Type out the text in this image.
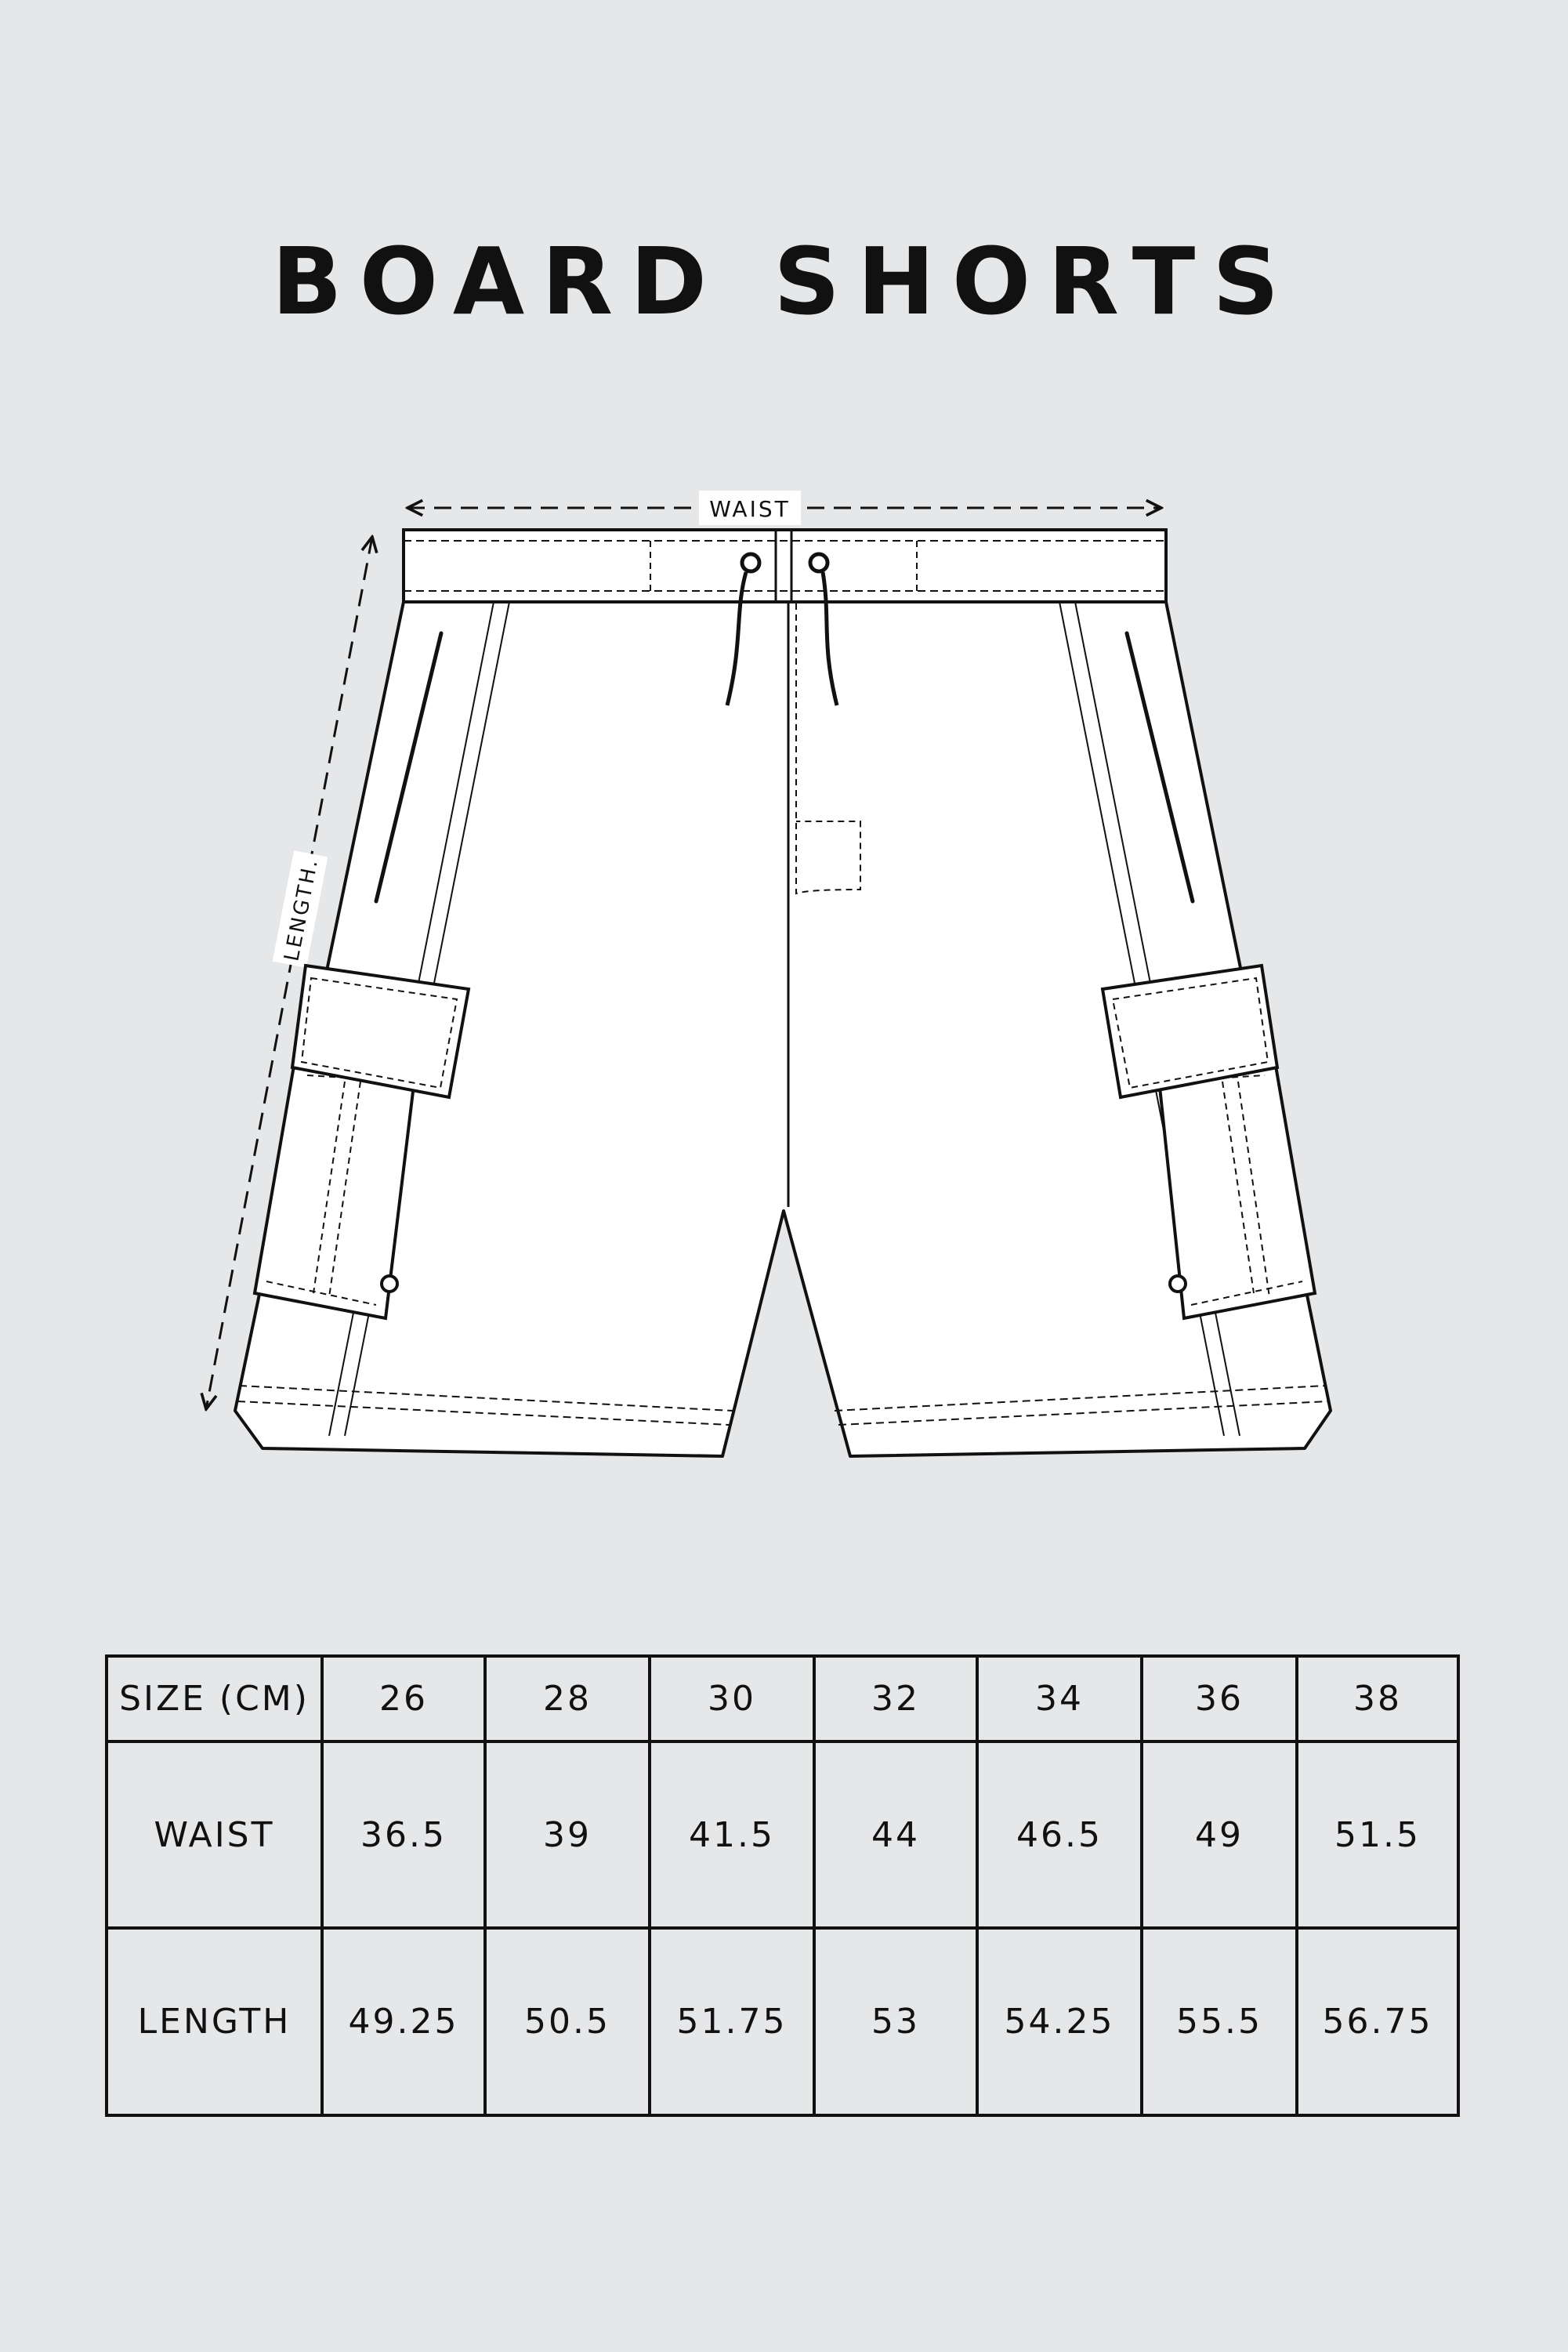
BOARD SHORTS
WAIST
LENGTH.
SIZE (CM)	26	28	30	32	34	36	38
WAIST	36.5	39	41.5	44	46.5	49	51.5
LENGTH	49.25	50.5	51.75	53	54.25	55.5	56.75
